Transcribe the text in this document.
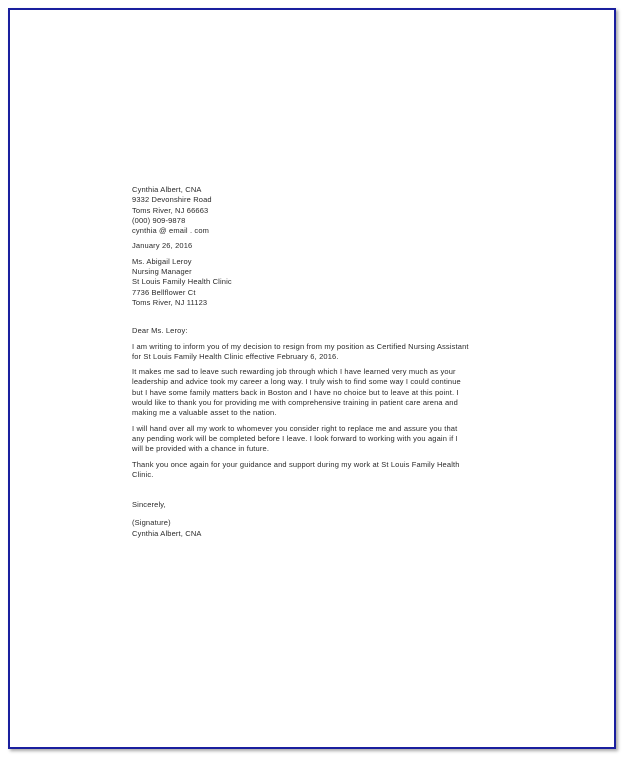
Cynthia Albert, CNA
9332 Devonshire Road
Toms River, NJ 66663
(000) 909-9878
cynthia @ email . com
January 26, 2016
Ms. Abigail Leroy
Nursing Manager
St Louis Family Health Clinic
7736 Bellflower Ct
Toms River, NJ 11123
Dear Ms. Leroy:
I am writing to inform you of my decision to resign from my position as Certified Nursing Assistant
for St Louis Family Health Clinic effective February 6, 2016.
It makes me sad to leave such rewarding job through which I have learned very much as your
leadership and advice took my career a long way. I truly wish to find some way I could continue
but I have some family matters back in Boston and I have no choice but to leave at this point. I
would like to thank you for providing me with comprehensive training in patient care arena and
making me a valuable asset to the nation.
I will hand over all my work to whomever you consider right to replace me and assure you that
any pending work will be completed before I leave. I look forward to working with you again if I
will be provided with a chance in future.
Thank you once again for your guidance and support during my work at St Louis Family Health
Clinic.
Sincerely,
(Signature)
Cynthia Albert, CNA
